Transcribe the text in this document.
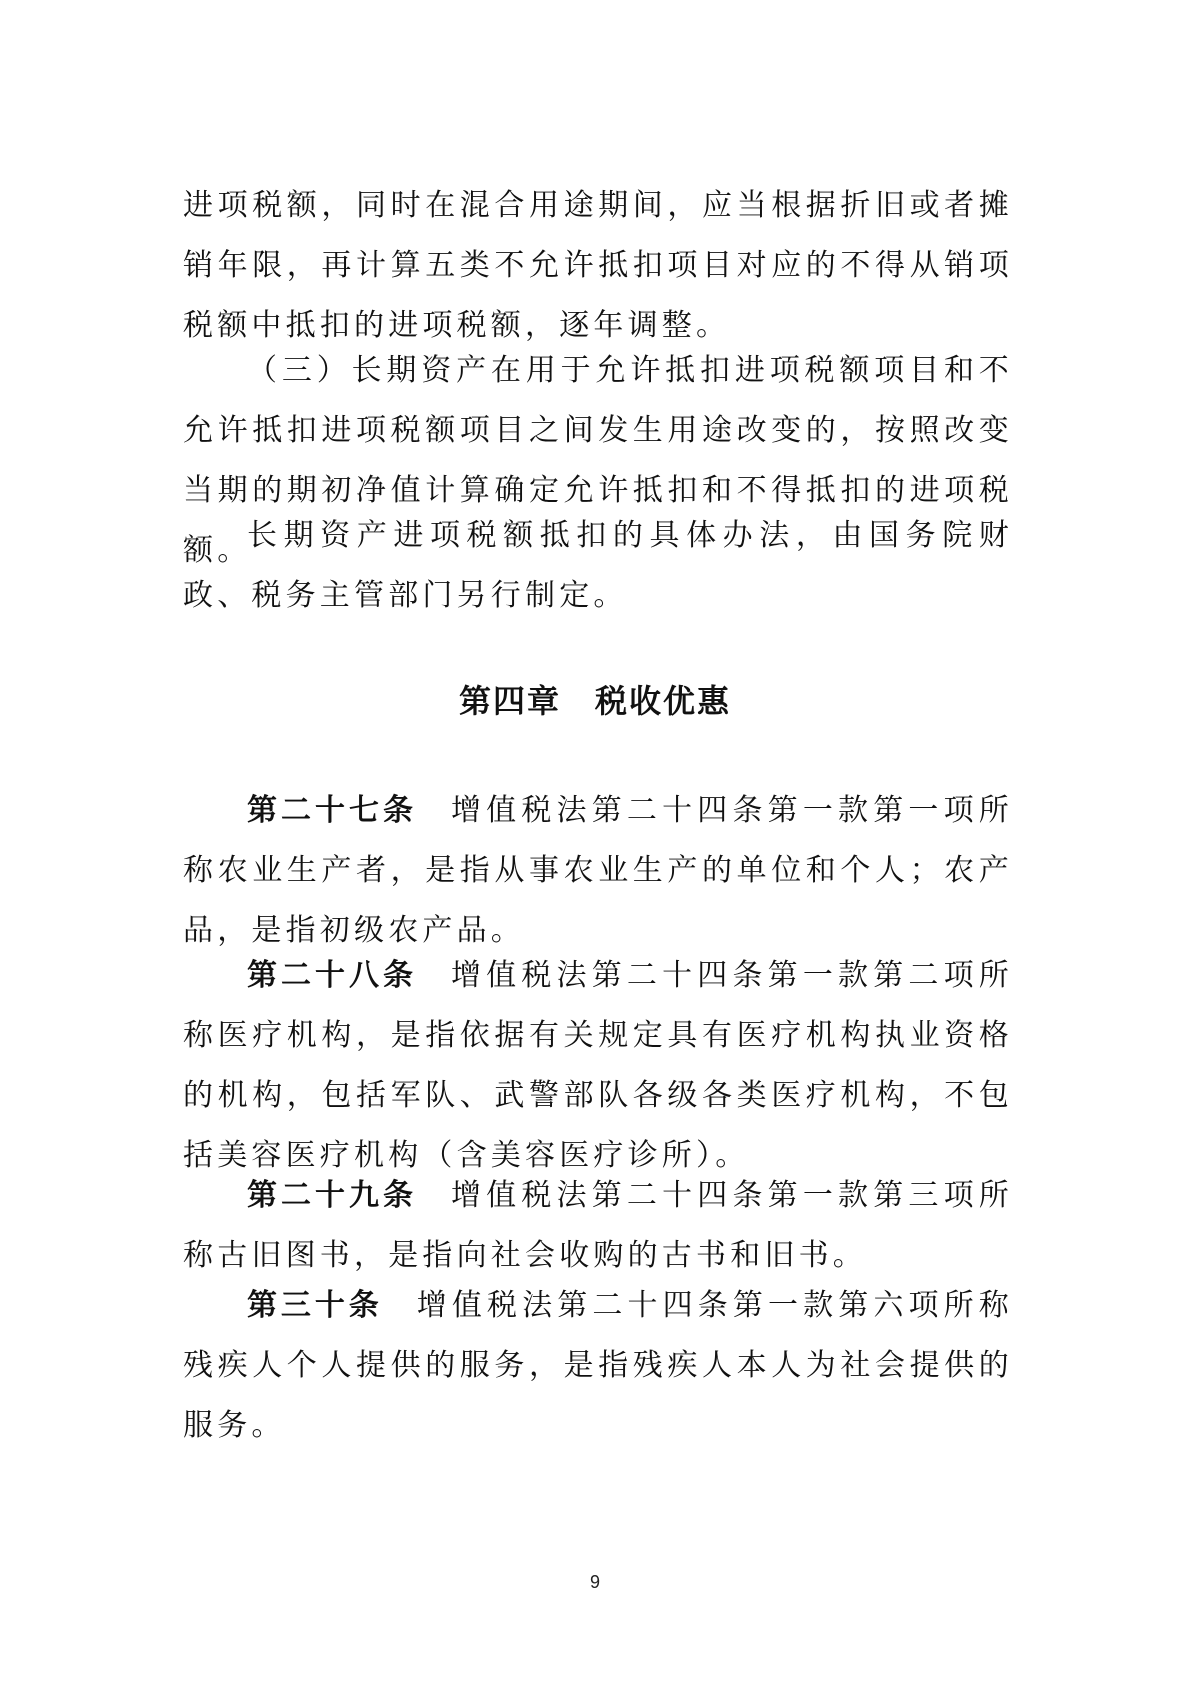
进项税额，同时在混合用途期间，应当根据折旧或者摊销年限，再计算五类不允许抵扣项目对应的不得从销项税额中抵扣的进项税额，逐年调整。

（三）长期资产在用于允许抵扣进项税额项目和不允许抵扣进项税额项目之间发生用途改变的，按照改变当期的期初净值计算确定允许抵扣和不得抵扣的进项税额。

长期资产进项税额抵扣的具体办法，由国务院财政、税务主管部门另行制定。

第四章　税收优惠

第二十七条 增值税法第二十四条第一款第一项所称农业生产者，是指从事农业生产的单位和个人；农产品，是指初级农产品。

第二十八条 增值税法第二十四条第一款第二项所称医疗机构，是指依据有关规定具有医疗机构执业资格的机构，包括军队、武警部队各级各类医疗机构，不包括美容医疗机构（含美容医疗诊所）。

第二十九条 增值税法第二十四条第一款第三项所称古旧图书，是指向社会收购的古书和旧书。

第三十条 增值税法第二十四条第一款第六项所称残疾人个人提供的服务，是指残疾人本人为社会提供的服务。

9
